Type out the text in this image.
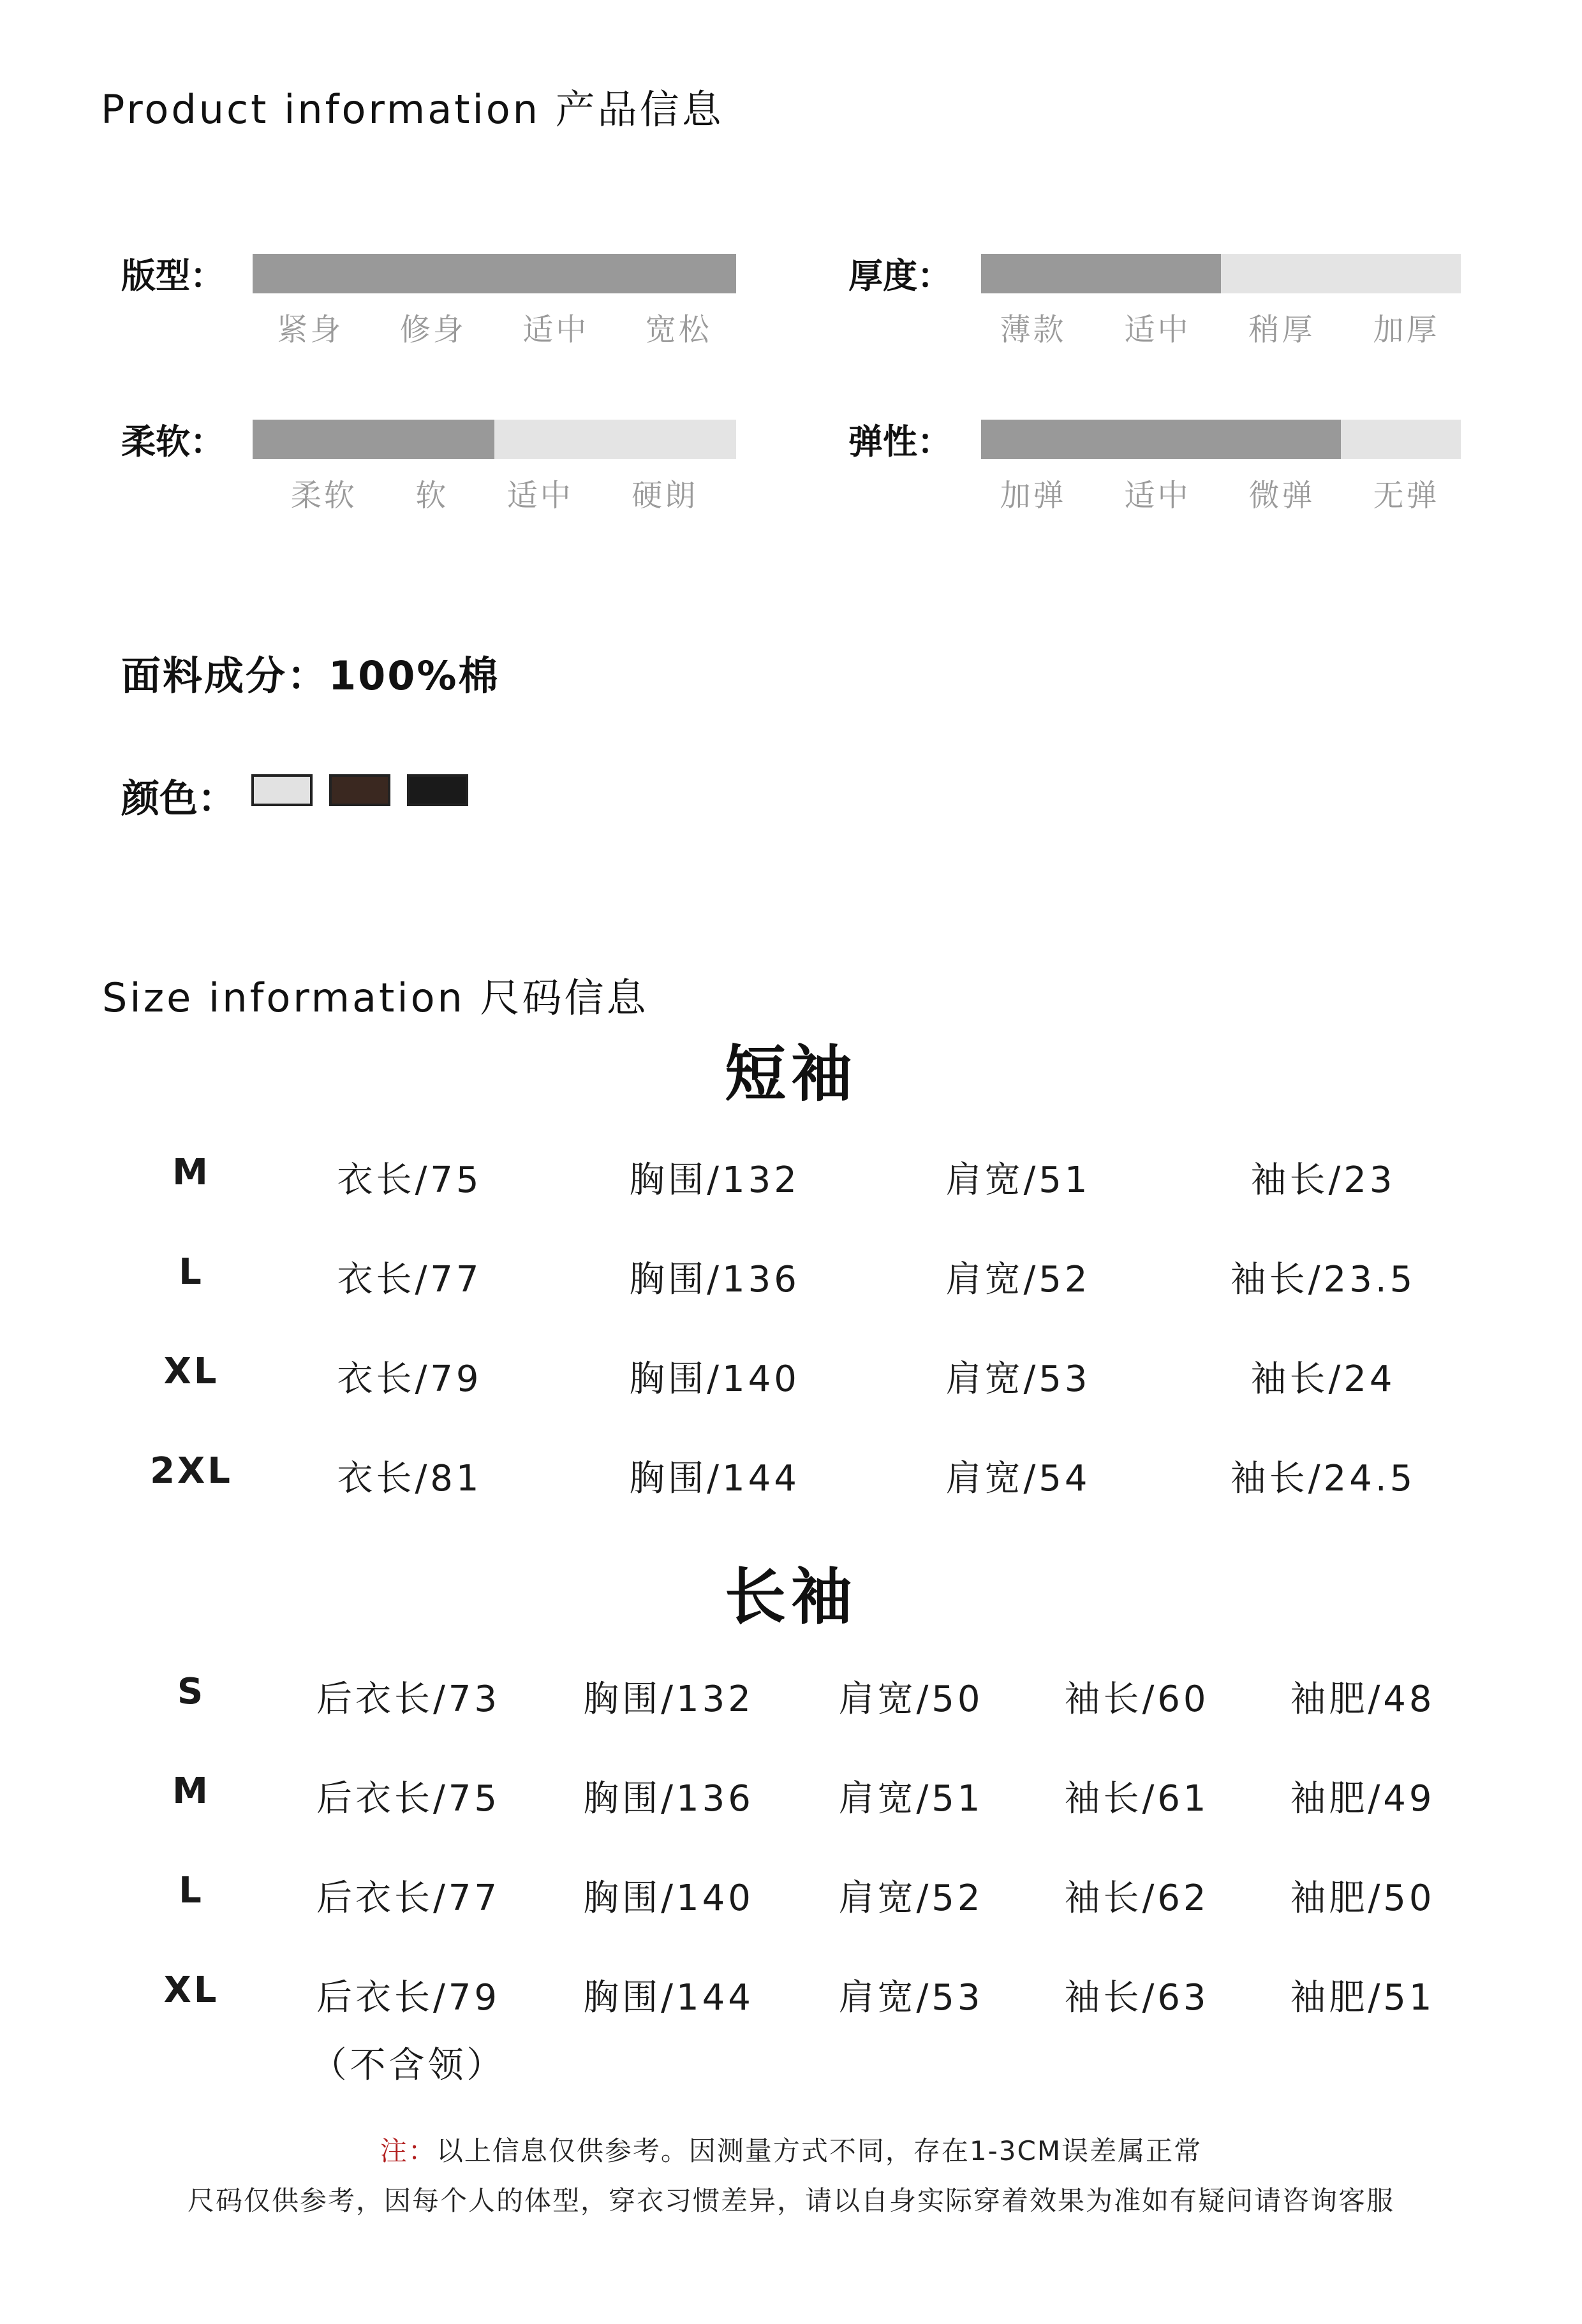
Product information 产品信息
版型：
紧身 修身 适中 宽松
厚度：
薄款 适中 稍厚 加厚
柔软：
柔软 软 适中 硬朗
弹性：
加弹 适中 微弹 无弹
面料成分：100%棉
颜色：
Size information 尺码信息
短袖
M	衣长/75	胸围/132	肩宽/51	袖长/23
L	衣长/77	胸围/136	肩宽/52	袖长/23.5
XL	衣长/79	胸围/140	肩宽/53	袖长/24
2XL	衣长/81	胸围/144	肩宽/54	袖长/24.5
长袖
S	后衣长/73 胸围/132 肩宽/50 袖长/60 袖肥/48
M	后衣长/75 胸围/136 肩宽/51 袖长/61 袖肥/49
L	后衣长/77 胸围/140 肩宽/52 袖长/62 袖肥/50
XL	后衣长/79 胸围/144 肩宽/53 袖长/63 袖肥/51
（不含领）
注：以上信息仅供参考。因测量方式不同，存在1-3CM误差属正常
尺码仅供参考，因每个人的体型，穿衣习惯差异，请以自身实际穿着效果为准如有疑问请咨询客服
